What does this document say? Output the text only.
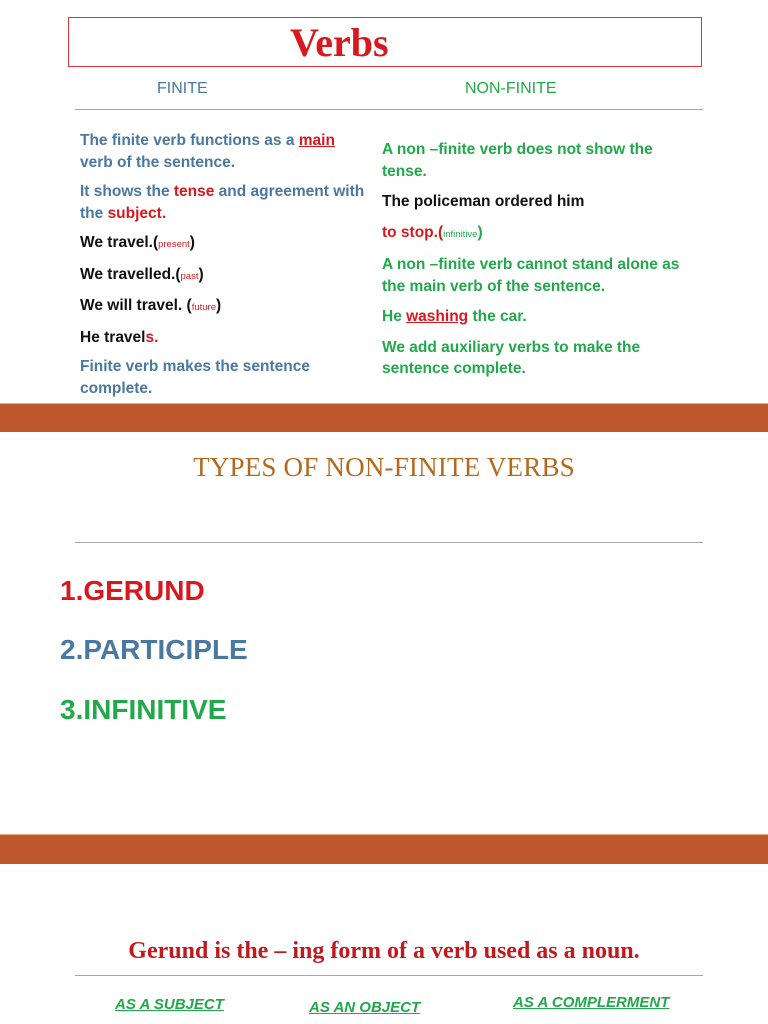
Verbs
FINITE	NON-FINITE

The finite verb functions as a main verb of the sentence.

It shows the tense and agreement with the subject.

We travel.(present)

We travelled.(past)

We will travel. (future)

He travels.

Finite verb makes the sentence complete.

A non –finite verb does not show the tense.

The policeman ordered him

to stop.(infinitive)

A non –finite verb cannot stand alone as the main verb of the sentence.

He washing the car.

We add auxiliary verbs to make the sentence complete.

TYPES OF NON-FINITE VERBS
1.GERUND
2.PARTICIPLE
3.INFINITIVE
Gerund is the – ing form of a verb used as a noun.
AS A SUBJECT	AS AN OBJECT	AS A COMPLERMENT
